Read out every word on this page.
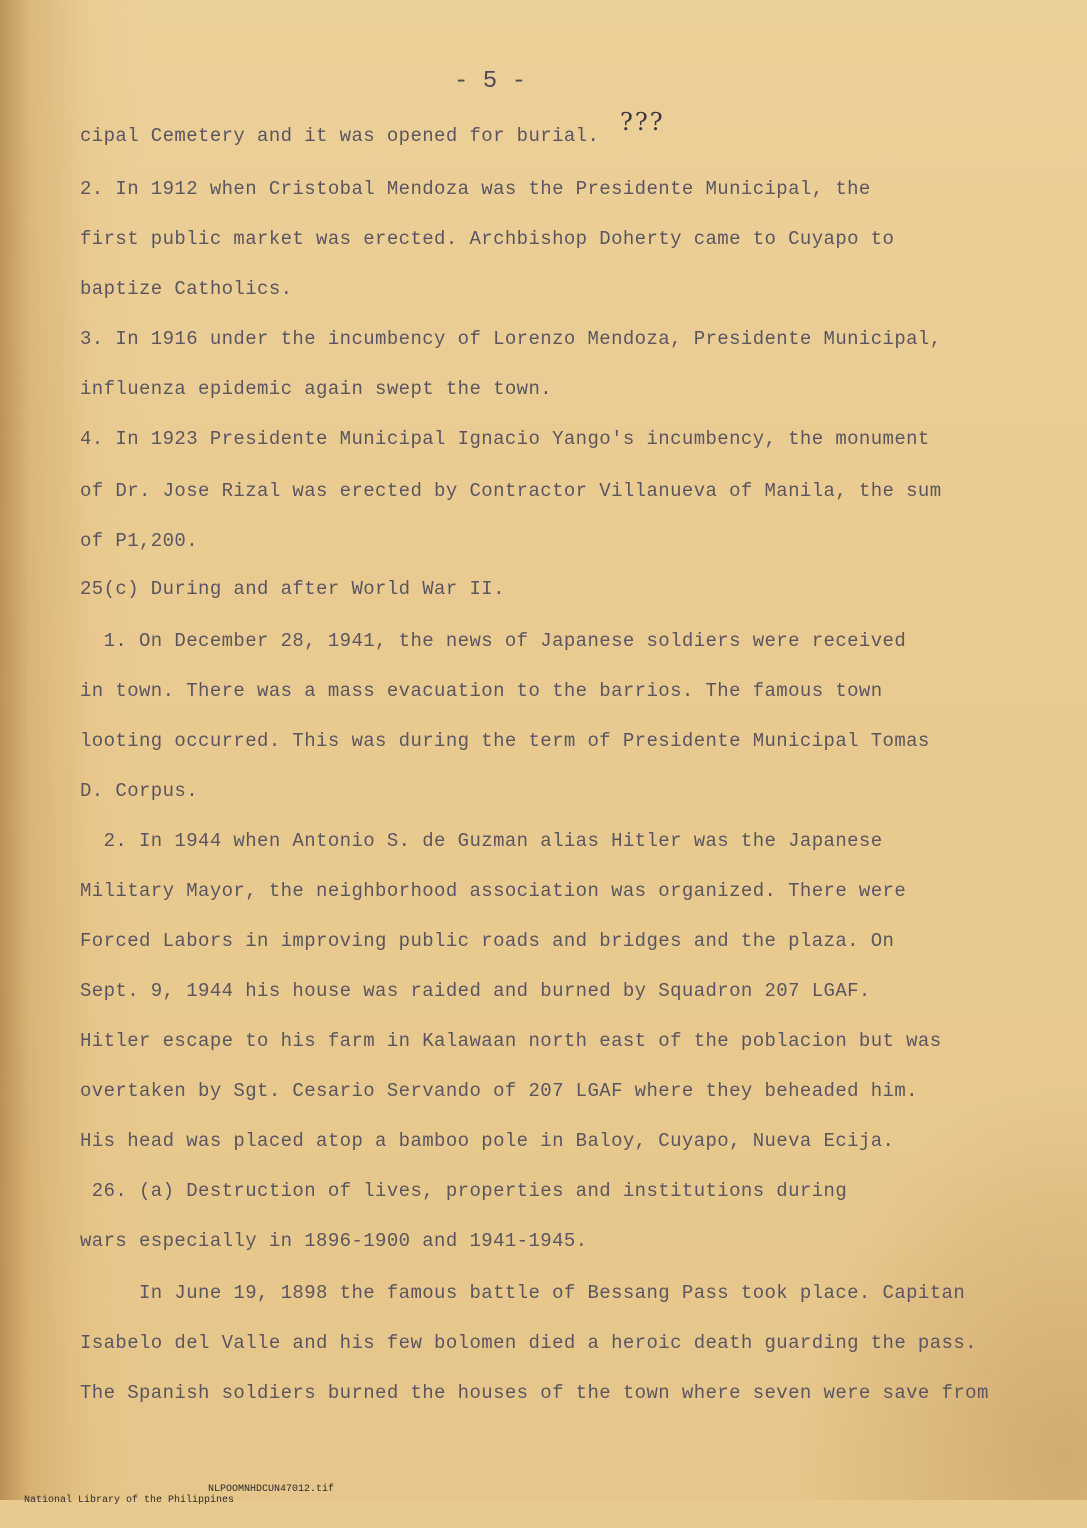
- 5 -
???
cipal Cemetery and it was opened for burial.
2. In 1912 when Cristobal Mendoza was the Presidente Municipal, the
first public market was erected. Archbishop Doherty came to Cuyapo to
baptize Catholics.
3. In 1916 under the incumbency of Lorenzo Mendoza, Presidente Municipal,
influenza epidemic again swept the town.
4. In 1923 Presidente Municipal Ignacio Yango's incumbency, the monument
of Dr. Jose Rizal was erected by Contractor Villanueva of Manila, the sum
of P1,200.
25(c) During and after World War II.
1. On December 28, 1941, the news of Japanese soldiers were received
in town. There was a mass evacuation to the barrios. The famous town
looting occurred. This was during the term of Presidente Municipal Tomas
D. Corpus.
2. In 1944 when Antonio S. de Guzman alias Hitler was the Japanese
Military Mayor, the neighborhood association was organized. There were
Forced Labors in improving public roads and bridges and the plaza. On
Sept. 9, 1944 his house was raided and burned by Squadron 207 LGAF.
Hitler escape to his farm in Kalawaan north east of the poblacion but was
overtaken by Sgt. Cesario Servando of 207 LGAF where they beheaded him.
His head was placed atop a bamboo pole in Baloy, Cuyapo, Nueva Ecija.
26. (a) Destruction of lives, properties and institutions during
wars especially in 1896-1900 and 1941-1945.
In June 19, 1898 the famous battle of Bessang Pass took place. Capitan
Isabelo del Valle and his few bolomen died a heroic death guarding the pass.
The Spanish soldiers burned the houses of the town where seven were save from

National Library of the Philippines

NLPOOMNHDCUN47012.tif
